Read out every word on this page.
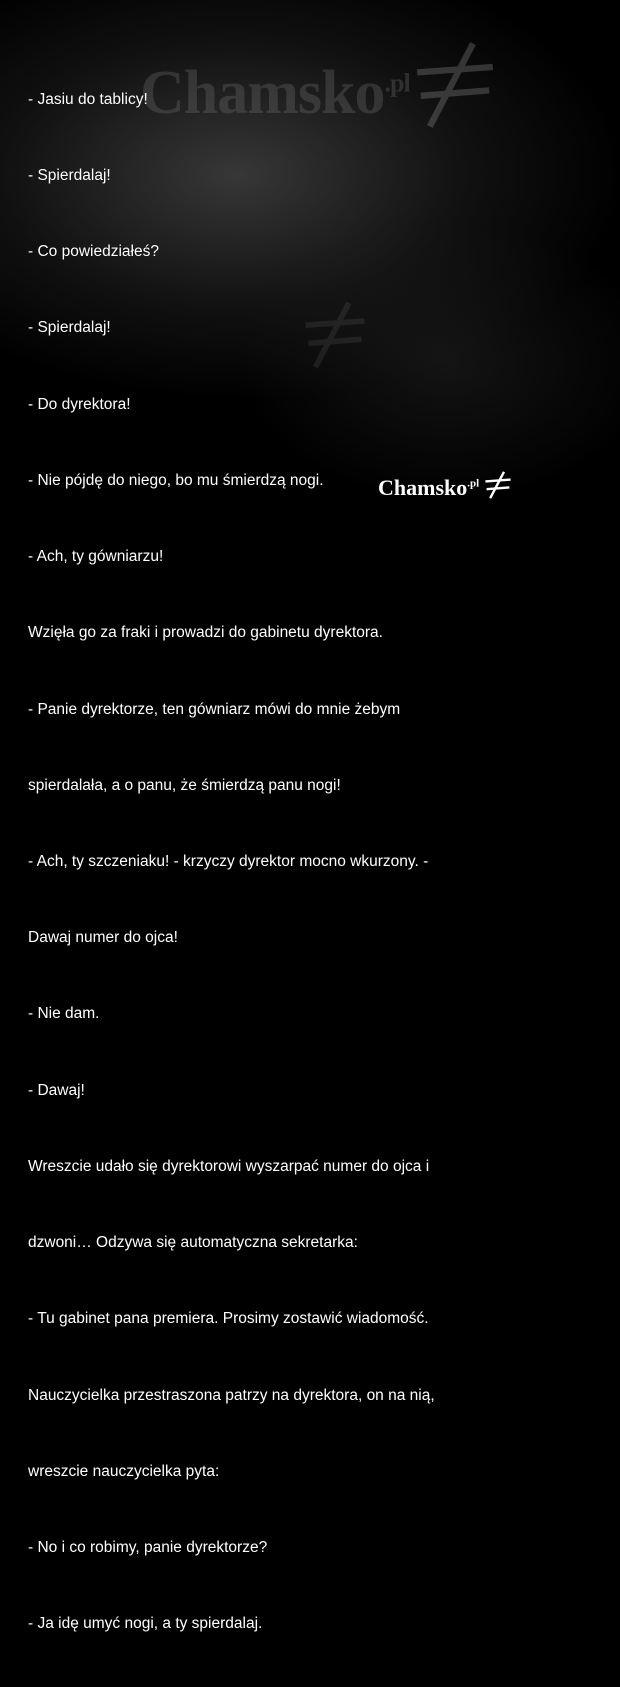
Chamsko$^{.pl}$

- Jasiu do tablicy!

- Spierdalaj!

- Co powiedziałeś?

- Spierdalaj!

- Do dyrektora!

- Nie pójdę do niego, bo mu śmierdzą nogi.

- Ach, ty gówniarzu!

Wzięła go za fraki i prowadzi do gabinetu dyrektora.

- Panie dyrektorze, ten gówniarz mówi do mnie żebym

spierdalała, a o panu, że śmierdzą panu nogi!

- Ach, ty szczeniaku! - krzyczy dyrektor mocno wkurzony. -

Dawaj numer do ojca!

- Nie dam.

- Dawaj!

Wreszcie udało się dyrektorowi wyszarpać numer do ojca i

dzwoni… Odzywa się automatyczna sekretarka:

- Tu gabinet pana premiera. Prosimy zostawić wiadomość.

Nauczycielka przestraszona patrzy na dyrektora, on na nią,

wreszcie nauczycielka pyta:

- No i co robimy, panie dyrektorze?

- Ja idę umyć nogi, a ty spierdalaj.

Chamsko$^{.pl}$
